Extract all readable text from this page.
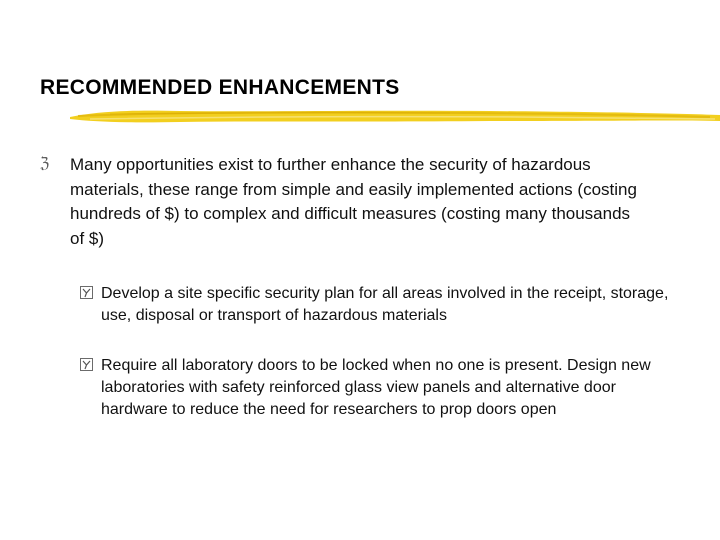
RECOMMENDED ENHANCEMENTS
ℨ Many opportunities exist to further enhance the security of hazardous materials, these range from simple and easily implemented actions (costing hundreds of $) to complex and difficult measures (costing many thousands of $)
Develop a site specific security plan for all areas involved in the receipt, storage, use, disposal or transport of hazardous materials
Require all laboratory doors to be locked when no one is present. Design new laboratories with safety reinforced glass view panels and alternative door hardware to reduce the need for researchers to prop doors open
